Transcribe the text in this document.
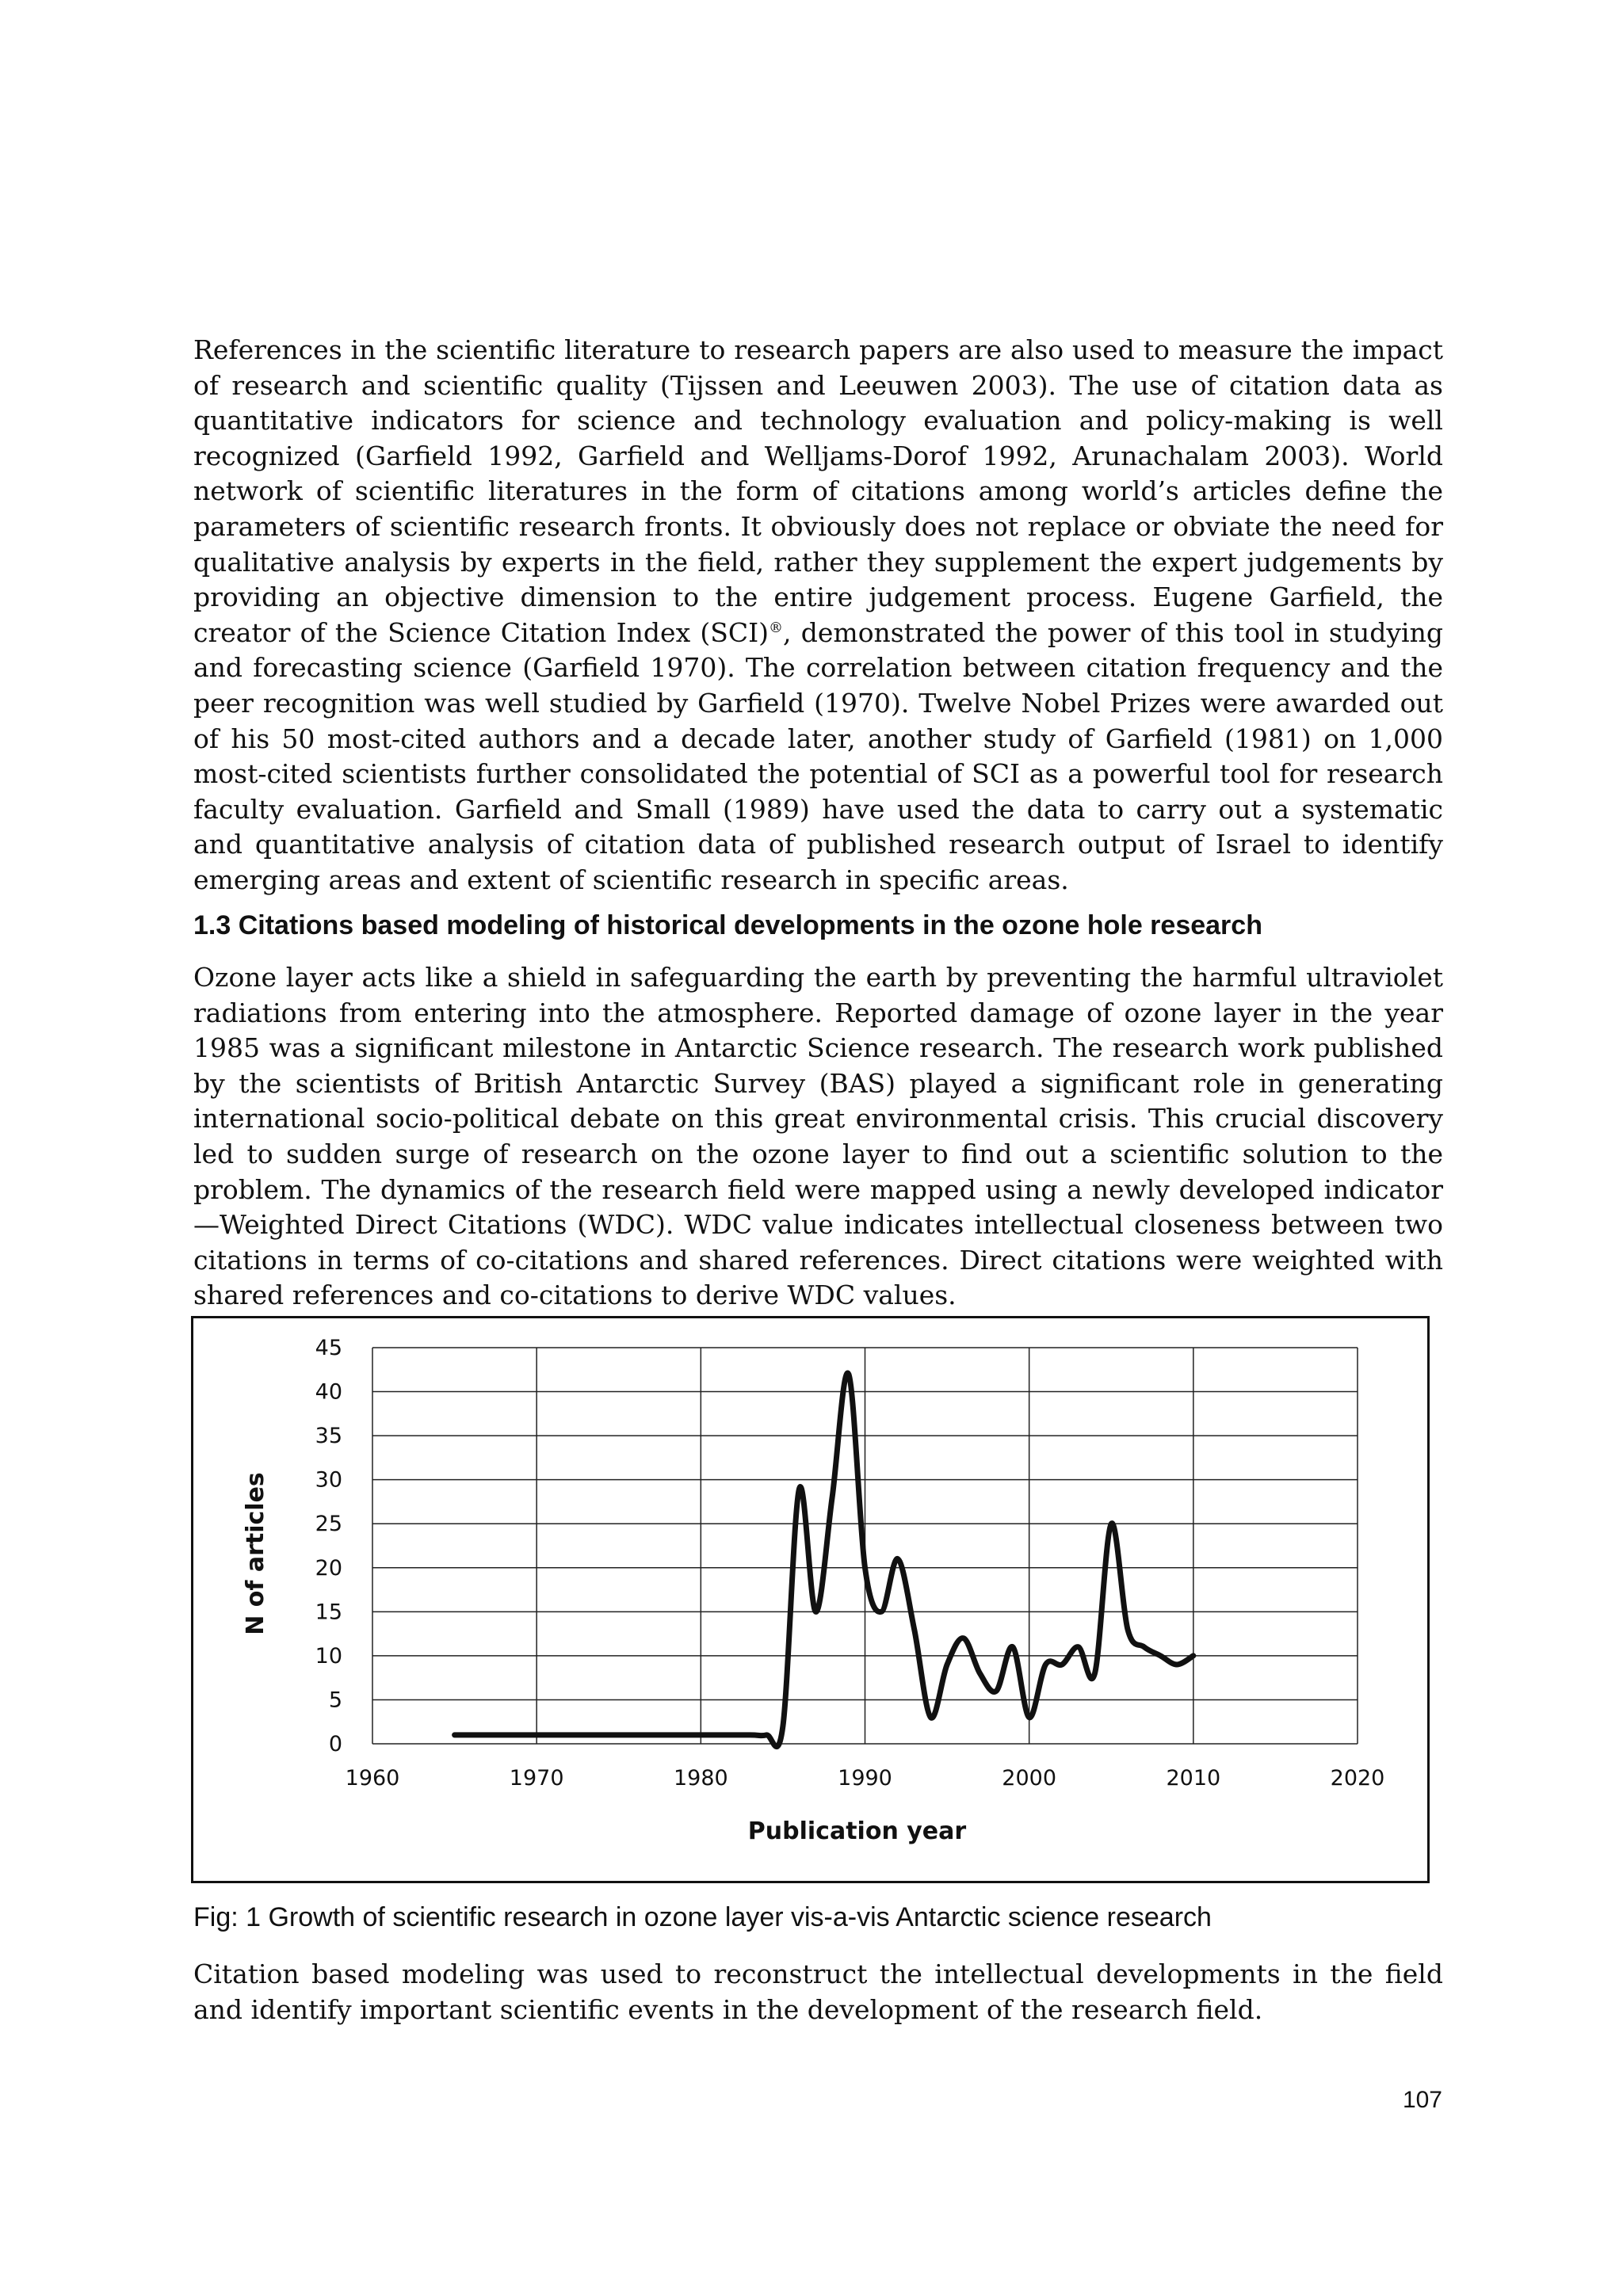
References in the scientific literature to research papers are also used to measure the impact of research and scientific quality (Tijssen and Leeuwen 2003). The use of citation data as quantitative indicators for science and technology evaluation and policy-making is well recognized (Garfield 1992, Garfield and Welljams-Dorof 1992, Arunachalam 2003). World network of scientific literatures in the form of citations among world’s articles define the parameters of scientific research fronts. It obviously does not replace or obviate the need for qualitative analysis by experts in the field, rather they supplement the expert judgements by providing an objective dimension to the entire judgement process. Eugene Garfield, the creator of the Science Citation Index (SCI)®, demonstrated the power of this tool in studying and forecasting science (Garfield 1970). The correlation between citation frequency and the peer recognition was well studied by Garfield (1970). Twelve Nobel Prizes were awarded out of his 50 most-cited authors and a decade later, another study of Garfield (1981) on 1,000 most-cited scientists further consolidated the potential of SCI as a powerful tool for research faculty evaluation. Garfield and Small (1989) have used the data to carry out a systematic and quantitative analysis of citation data of published research output of Israel to identify emerging areas and extent of scientific research in specific areas.

1.3 Citations based modeling of historical developments in the ozone hole research

Ozone layer acts like a shield in safeguarding the earth by preventing the harmful ultraviolet radiations from entering into the atmosphere. Reported damage of ozone layer in the year 1985 was a significant milestone in Antarctic Science research. The research work published by the scientists of British Antarctic Survey (BAS) played a significant role in generating international socio-political debate on this great environmental crisis. This crucial discovery led to sudden surge of research on the ozone layer to find out a scientific solution to the problem. The dynamics of the research field were mapped using a newly developed indicator—Weighted Direct Citations (WDC). WDC value indicates intellectual closeness between two citations in terms of co-citations and shared references. Direct citations were weighted with shared references and co-citations to derive WDC values.

0
5
10
15
20
25
30
35
40
45
1960	1970	1980	1990	2000	2010	2020
Publication year
N of articles

Fig: 1 Growth of scientific research in ozone layer vis-a-vis Antarctic science research

Citation based modeling was used to reconstruct the intellectual developments in the field and identify important scientific events in the development of the research field.

107
